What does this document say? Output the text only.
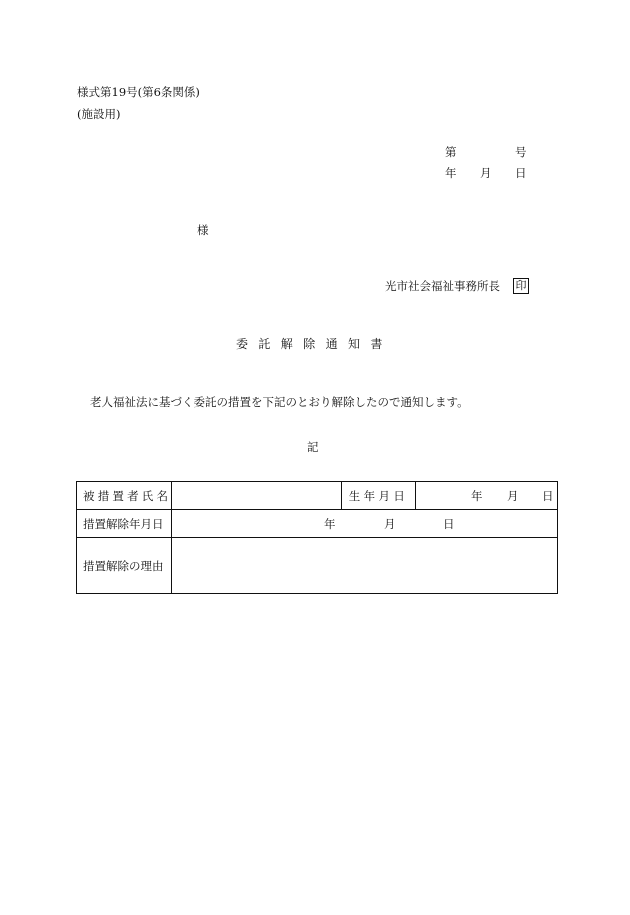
様式第19号(第6条関係)
(施設用)
第	号
年 月 日
様
光市社会福祉事務所長 印
委託解除通知書
老人福祉法に基づく委託の措置を下記のとおり解除したので通知します。
記
被措置者氏名		生年月日	年 月 日

措置解除年月日	年 月 日		

措置解除の理由			
